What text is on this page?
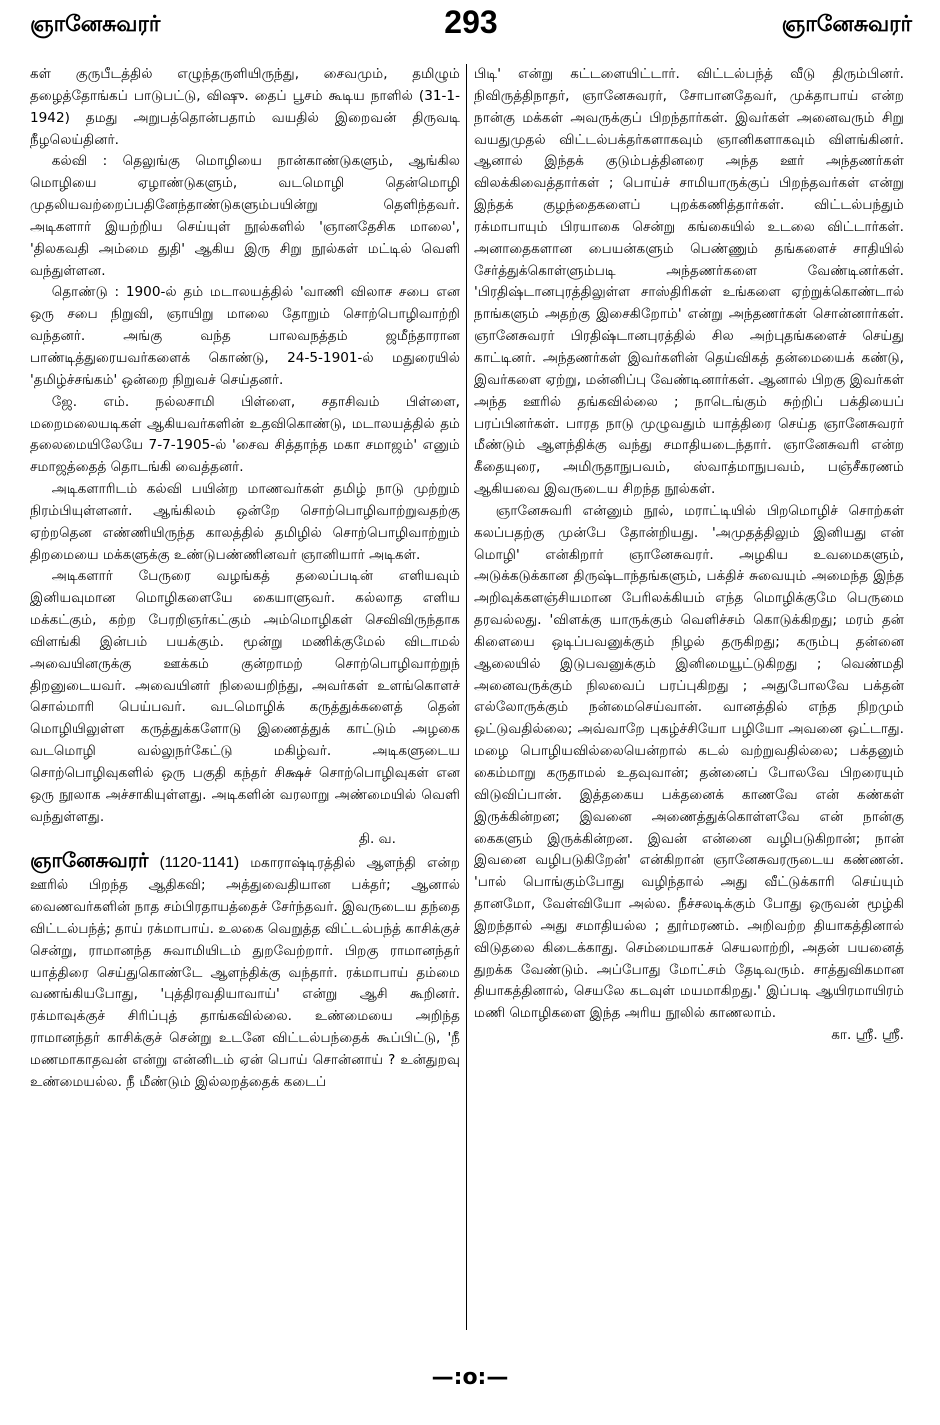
ஞானேசுவரர்	293	ஞானேசுவரர்

கள் குருபீடத்தில் எழுந்தருளியிருந்து, சைவமும், தமிழும் தழைத்தோங்கப் பாடுபட்டு, விஷு. தைப் பூசம் கூடிய நாளில் (31-1-1942) தமது அறுபத்தொன்பதாம் வயதில் இறைவன் திருவடி நீழலெய்தினர்.

கல்வி : தெலுங்கு மொழியை நான்காண்டுகளும், ஆங்கில மொழியை ஏழாண்டுகளும், வடமொழி தென்மொழி முதலியவற்றைப்பதினேந்தாண்டுகளும்பயின்று தெளிந்தவர். அடிகளார் இயற்றிய செய்யுள் நூல்களில் 'ஞானதேசிக மாலை', 'திலகவதி அம்மை துதி' ஆகிய இரு சிறு நூல்கள் மட்டில் வெளி வந்துள்ளன.

தொண்டு : 1900-ல் தம் மடாலயத்தில் 'வாணி விலாச சபை என ஒரு சபை நிறுவி, ஞாயிறு மாலை தோறும் சொற்பொழிவாற்றி வந்தனர். அங்கு வந்த பாலவநத்தம் ஜமீந்தாரான பாண்டித்துரையவர்களைக் கொண்டு, 24-5-1901-ல் மதுரையில் 'தமிழ்ச்சங்கம்' ஒன்றை நிறுவச் செய்தனர்.

ஜே. எம். நல்லசாமி பிள்ளை, சதாசிவம் பிள்ளை, மறைமலையடிகள் ஆகியவர்களின் உதவிகொண்டு, மடாலயத்தில் தம் தலைமையிலேயே 7-7-1905-ல் 'சைவ சித்தாந்த மகா சமாஜம்' எனும் சமாஜத்தைத் தொடங்கி வைத்தனர்.

அடிகளாரிடம் கல்வி பயின்ற மாணவர்கள் தமிழ் நாடு முற்றும் நிரம்பியுள்ளனர். ஆங்கிலம் ஒன்றே சொற்பொழிவாற்றுவதற்கு ஏற்றதென எண்ணியிருந்த காலத்தில் தமிழில் சொற்பொழிவாற்றும் திறமையை மக்களுக்கு உண்டுபண்ணினவர் ஞானியார் அடிகள்.

அடிகளார் பேருரை வழங்கத் தலைப்படின் எளியவும் இனியவுமான மொழிகளையே கையாளுவர். கல்லாத எளிய மக்கட்கும், கற்ற பேரறிஞர்கட்கும் அம்மொழிகள் செவிவிருந்தாக விளங்கி இன்பம் பயக்கும். மூன்று மணிக்குமேல் விடாமல் அவையினருக்கு ஊக்கம் குன்றாமற் சொற்பொழிவாற்றுந் திறனுடையவர். அவையினர் நிலையறிந்து, அவர்கள் உளங்கொளச் சொல்மாரி பெய்பவர். வடமொழிக் கருத்துக்களைத் தென் மொழியிலுள்ள கருத்துக்களோடு இணைத்துக் காட்டும் அழகை வடமொழி வல்லுநர்கேட்டு மகிழ்வர். அடிகளுடைய சொற்பொழிவுகளில் ஒரு பகுதி கந்தர் சிக்ஷச் சொற்பொழிவுகள் என ஒரு நூலாக அச்சாகியுள்ளது. அடிகளின் வரலாறு அண்மையில் வெளி வந்துள்ளது.

தி. வ.

ஞானேசுவரர் (1120-1141) மகாராஷ்டிரத்தில் ஆளந்தி என்ற ஊரில் பிறந்த ஆதிகவி; அத்துவைதியான பக்தர்; ஆனால் வைணவர்களின் நாத சம்பிரதாயத்தைச் சேர்ந்தவர். இவருடைய தந்தை விட்டல்பந்த்; தாய் ரக்மாபாய். உலகை வெறுத்த விட்டல்பந்த் காசிக்குச் சென்று, ராமானந்த சுவாமியிடம் துறவேற்றார். பிறகு ராமானந்தர் யாத்திரை செய்துகொண்டே ஆளந்திக்கு வந்தார். ரக்மாபாய் தம்மை வணங்கியபோது, 'புத்திரவதியாவாய்' என்று ஆசி கூறினர். ரக்மாவுக்குச் சிரிப்புத் தாங்கவில்லை. உண்மையை அறிந்த ராமானந்தர் காசிக்குச் சென்று உடனே விட்டல்பந்தைக் கூப்பிட்டு, 'நீ மணமாகாதவன் என்று என்னிடம் ஏன் பொய் சொன்னாய் ? உன்துறவு உண்மையல்ல. நீ மீண்டும் இல்லறத்தைக் கடைப்

பிடி' என்று கட்டளையிட்டார். விட்டல்பந்த் வீடு திரும்பினர். நிவிருத்திநாதர், ஞானேசுவரர், சோபானதேவர், முக்தாபாய் என்ற நான்கு மக்கள் அவருக்குப் பிறந்தார்கள். இவர்கள் அனைவரும் சிறு வயதுமுதல் விட்டல்பக்தர்களாகவும் ஞானிகளாகவும் விளங்கினர். ஆனால் இந்தக் குடும்பத்தினரை அந்த ஊர் அந்தணர்கள் விலக்கிவைத்தார்கள் ; பொய்ச் சாமியாருக்குப் பிறந்தவர்கள் என்று இந்தக் குழந்தைகளைப் புறக்கணித்தார்கள். விட்டல்பந்தும் ரக்மாபாயும் பிரயாகை சென்று கங்கையில் உடலை விட்டார்கள். அனாதைகளான பையன்களும் பெண்ணும் தங்களைச் சாதியில் சேர்த்துக்கொள்ளும்படி அந்தணர்களை வேண்டினர்கள். 'பிரதிஷ்டானபுரத்திலுள்ள சாஸ்திரிகள் உங்களை ஏற்றுக்கொண்டால் நாங்களும் அதற்கு இசைகிறோம்' என்று அந்தணர்கள் சொன்னார்கள். ஞானேசுவரர் பிரதிஷ்டானபுரத்தில் சில அற்புதங்களைச் செய்து காட்டினர். அந்தணர்கள் இவர்களின் தெய்விகத் தன்மையைக் கண்டு, இவர்களை ஏற்று, மன்னிப்பு வேண்டினார்கள். ஆனால் பிறகு இவர்கள் அந்த ஊரில் தங்கவில்லை ; நாடெங்கும் சுற்றிப் பக்தியைப் பரப்பினர்கள். பாரத நாடு முழுவதும் யாத்திரை செய்த ஞானேசுவரர் மீண்டும் ஆளந்திக்கு வந்து சமாதியடைந்தார். ஞானேசுவரி என்ற கீதையுரை, அமிருதாநுபவம், ஸ்வாத்மாநுபவம், பஞ்சீகரணம் ஆகியவை இவருடைய சிறந்த நூல்கள்.

ஞானேசுவரி என்னும் நூல், மராட்டியில் பிறமொழிச் சொற்கள் கலப்பதற்கு முன்பே தோன்றியது. 'அமுதத்திலும் இனியது என் மொழி' என்கிறார் ஞானேசுவரர். அழகிய உவமைகளும், அடுக்கடுக்கான திருஷ்டாந்தங்களும், பக்திச் சுவையும் அமைந்த இந்த அறிவுக்களஞ்சியமான பேரிலக்கியம் எந்த மொழிக்குமே பெருமை தரவல்லது. 'விளக்கு யாருக்கும் வெளிச்சம் கொடுக்கிறது; மரம் தன் கிளையை ஒடிப்பவனுக்கும் நிழல் தருகிறது; கரும்பு தன்னை ஆலையில் இடுபவனுக்கும் இனிமையூட்டுகிறது ; வெண்மதி அனைவருக்கும் நிலவைப் பரப்புகிறது ; அதுபோலவே பக்தன் எல்லோருக்கும் நன்மைசெய்வான். வானத்தில் எந்த நிறமும் ஒட்டுவதில்லை; அவ்வாறே புகழ்ச்சியோ பழியோ அவனை ஒட்டாது. மழை பொழியவில்லையென்றால் கடல் வற்றுவதில்லை; பக்தனும் கைம்மாறு கருதாமல் உதவுவான்; தன்னைப் போலவே பிறரையும் விடுவிப்பான். இத்தகைய பக்தனைக் காணவே என் கண்கள் இருக்கின்றன; இவனை அணைத்துக்கொள்ளவே என் நான்கு கைகளும் இருக்கின்றன. இவன் என்னை வழிபடுகிறான்; நான் இவனை வழிபடுகிறேன்' என்கிறான் ஞானேசுவரருடைய கண்ணன். 'பால் பொங்கும்போது வழிந்தால் அது வீட்டுக்காரி செய்யும் தானமோ, வேள்வியோ அல்ல. நீச்சலடிக்கும் போது ஒருவன் மூழ்கி இறந்தால் அது சமாதியல்ல ; தூர்மரணம். அறிவற்ற தியாகத்தினால் விடுதலை கிடைக்காது. செம்மையாகச் செயலாற்றி, அதன் பயனைத் துறக்க வேண்டும். அப்போது மோட்சம் தேடிவரும். சாத்துவிகமான தியாகத்தினால், செயலே கடவுள் மயமாகிறது.' இப்படி ஆயிரமாயிரம் மணி மொழிகளை இந்த அரிய நூலில் காணலாம்.

கா. ஸ்ரீ. ஸ்ரீ.
—:o:—
